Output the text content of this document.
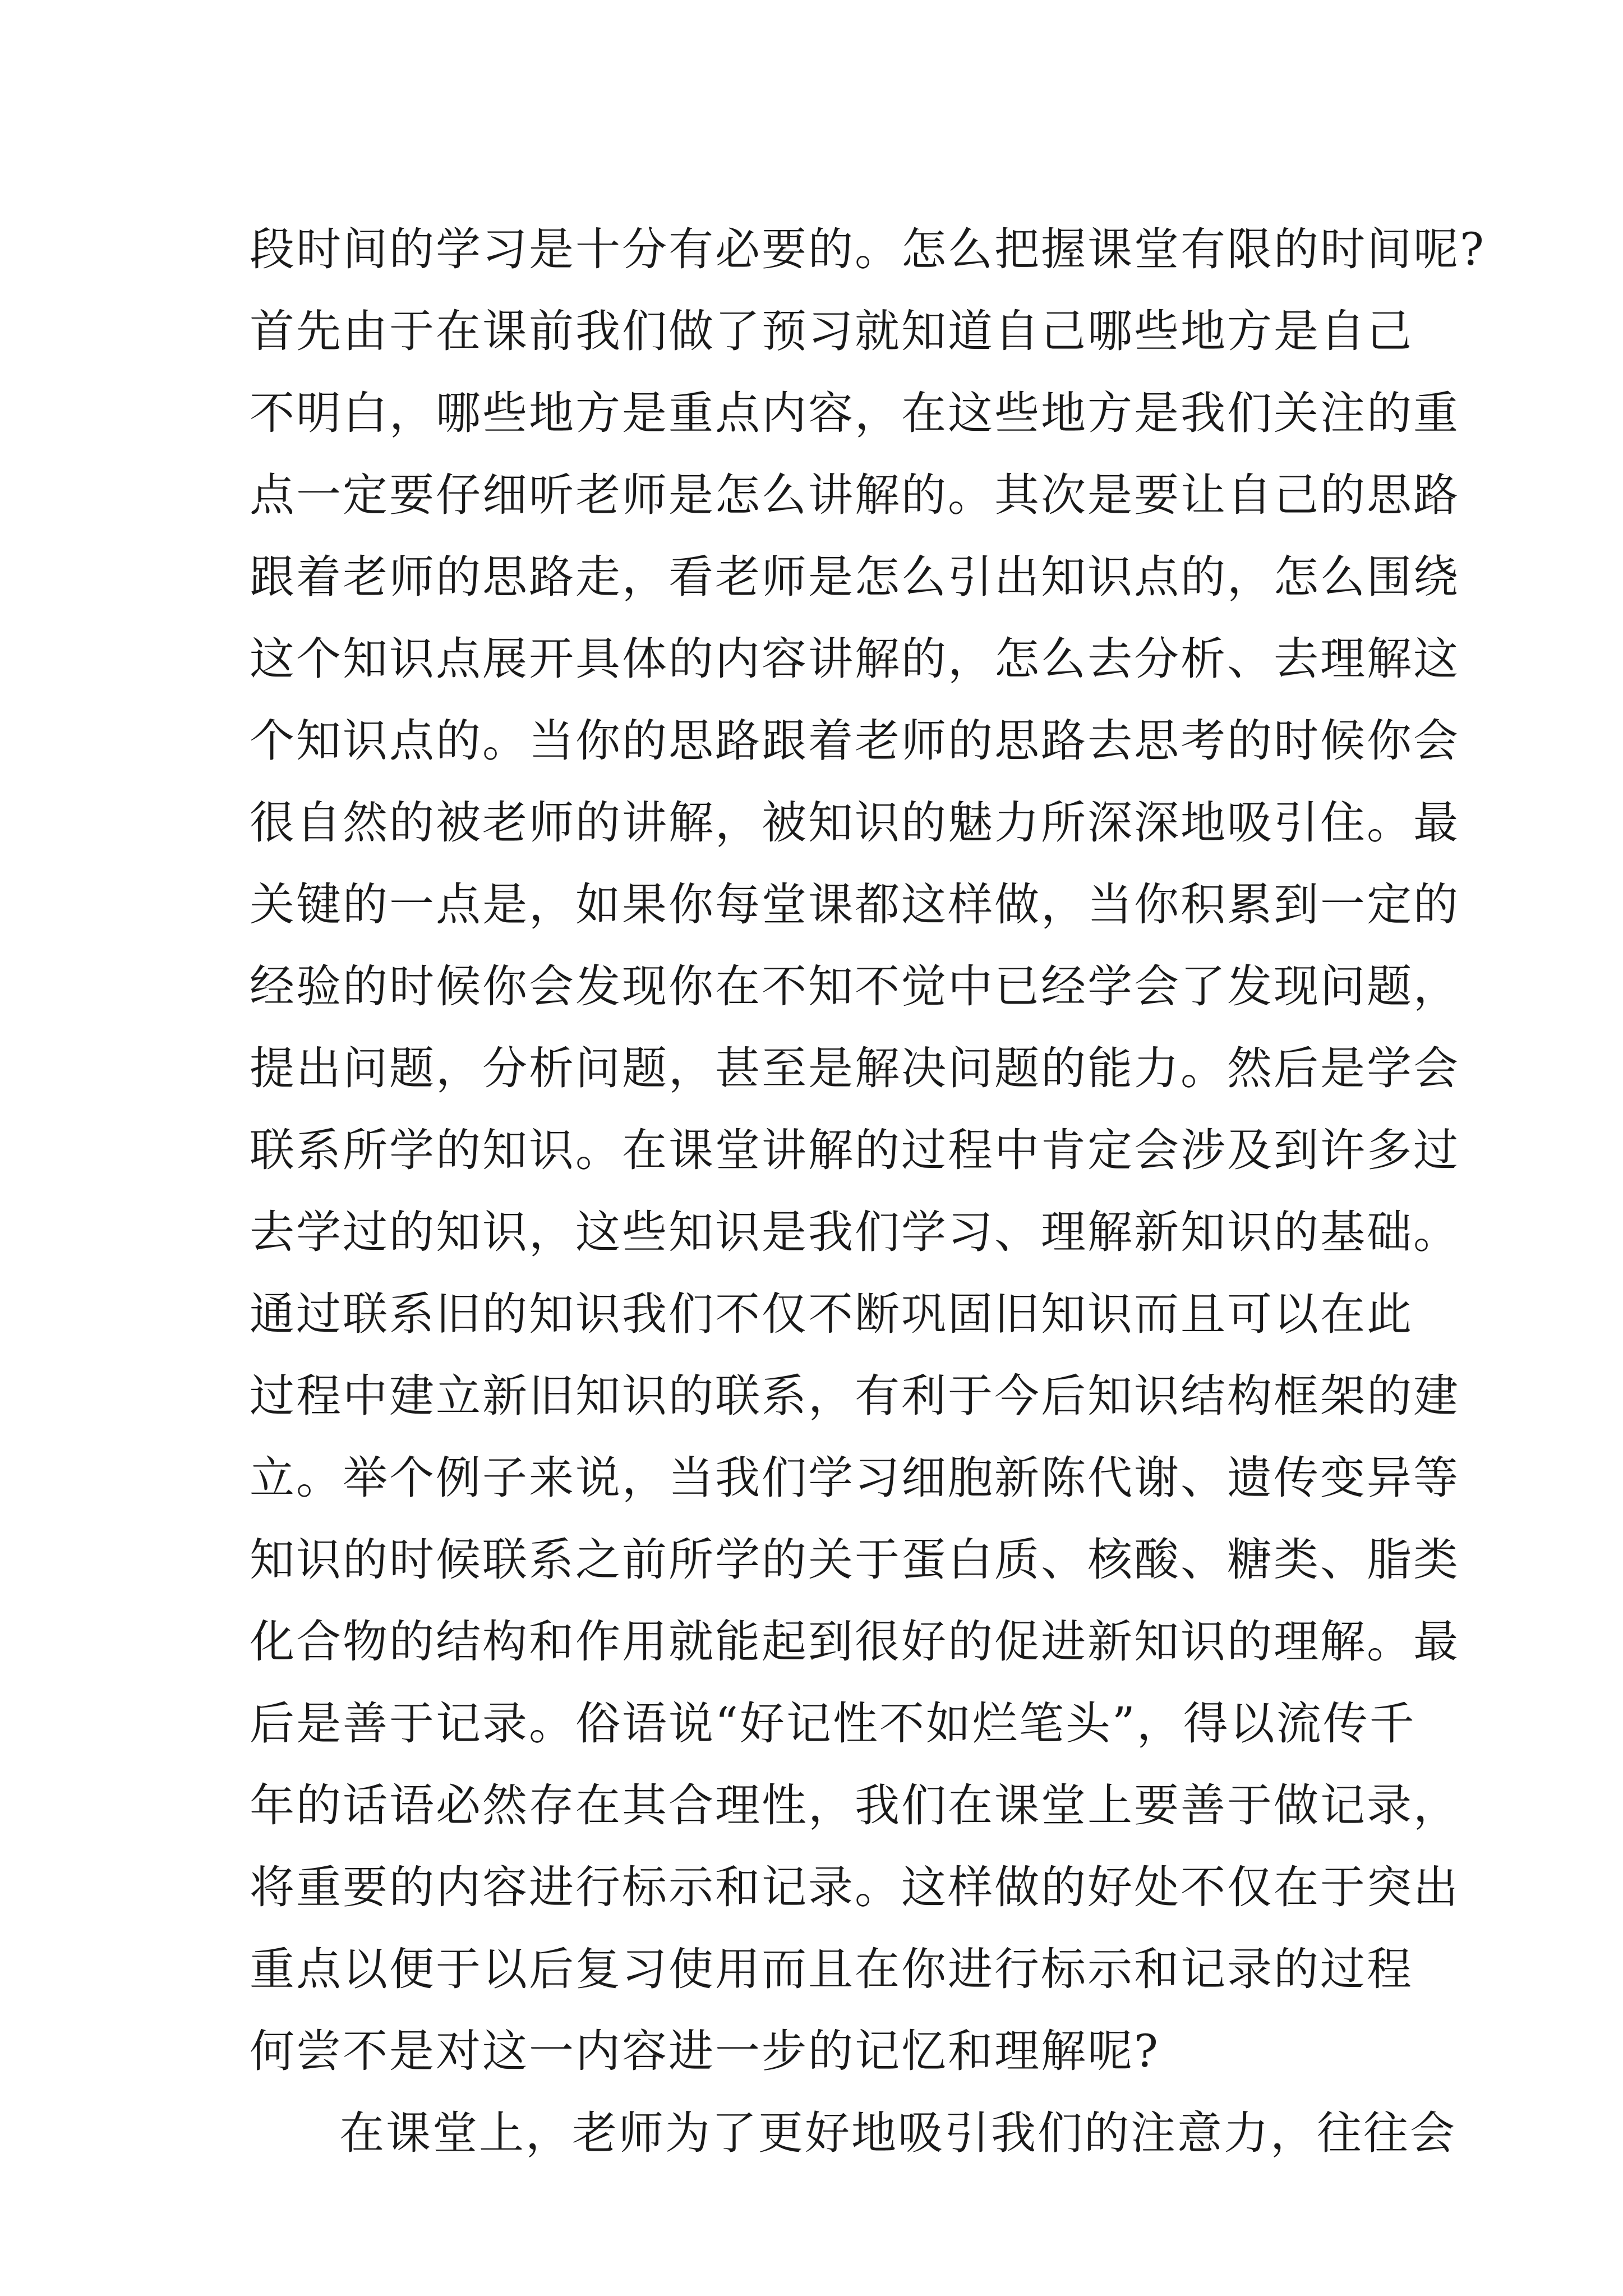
段时间的学习是十分有必要的。怎么把握课堂有限的时间呢?
首先由于在课前我们做了预习就知道自己哪些地方是自己
不明白，哪些地方是重点内容，在这些地方是我们关注的重
点一定要仔细听老师是怎么讲解的。其次是要让自己的思路
跟着老师的思路走，看老师是怎么引出知识点的，怎么围绕
这个知识点展开具体的内容讲解的，怎么去分析、去理解这
个知识点的。当你的思路跟着老师的思路去思考的时候你会
很自然的被老师的讲解，被知识的魅力所深深地吸引住。最
关键的一点是，如果你每堂课都这样做，当你积累到一定的
经验的时候你会发现你在不知不觉中已经学会了发现问题，
提出问题，分析问题，甚至是解决问题的能力。然后是学会
联系所学的知识。在课堂讲解的过程中肯定会涉及到许多过
去学过的知识，这些知识是我们学习、理解新知识的基础。
通过联系旧的知识我们不仅不断巩固旧知识而且可以在此
过程中建立新旧知识的联系，有利于今后知识结构框架的建
立。举个例子来说，当我们学习细胞新陈代谢、遗传变异等
知识的时候联系之前所学的关于蛋白质、核酸、糖类、脂类
化合物的结构和作用就能起到很好的促进新知识的理解。最
后是善于记录。俗语说“好记性不如烂笔头”，得以流传千
年的话语必然存在其合理性，我们在课堂上要善于做记录，
将重要的内容进行标示和记录。这样做的好处不仅在于突出
重点以便于以后复习使用而且在你进行标示和记录的过程
何尝不是对这一内容进一步的记忆和理解呢?
在课堂上，老师为了更好地吸引我们的注意力，往往会
